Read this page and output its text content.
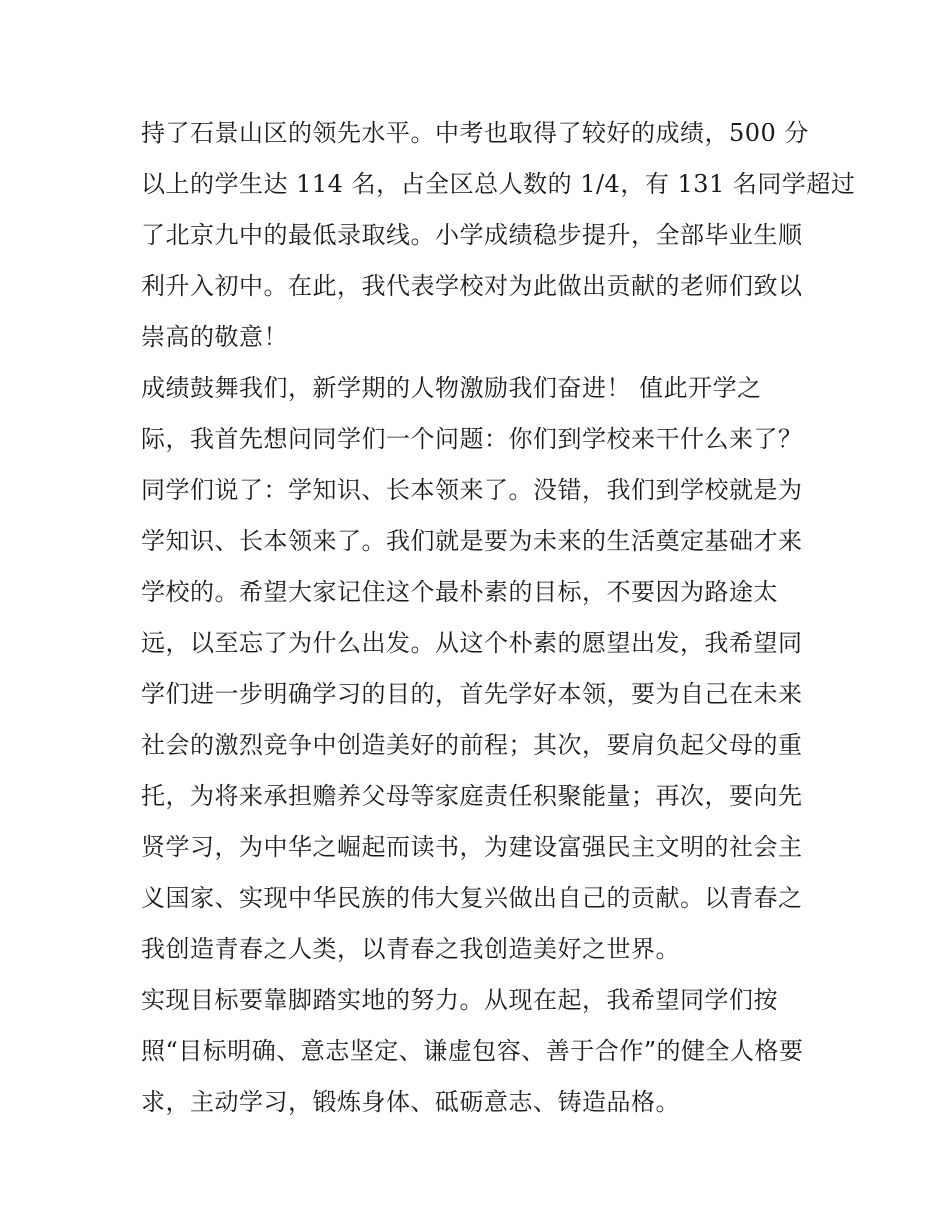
持了石景山区的领先水平。中考也取得了较好的成绩，500 分
以上的学生达 114 名，占全区总人数的 1/4，有 131 名同学超过
了北京九中的最低录取线。小学成绩稳步提升，全部毕业生顺
利升入初中。在此，我代表学校对为此做出贡献的老师们致以
崇高的敬意！
成绩鼓舞我们，新学期的人物激励我们奋进！ 值此开学之
际，我首先想问同学们一个问题：你们到学校来干什么来了？
同学们说了：学知识、长本领来了。没错，我们到学校就是为
学知识、长本领来了。我们就是要为未来的生活奠定基础才来
学校的。希望大家记住这个最朴素的目标，不要因为路途太
远，以至忘了为什么出发。从这个朴素的愿望出发，我希望同
学们进一步明确学习的目的，首先学好本领，要为自己在未来
社会的激烈竞争中创造美好的前程；其次，要肩负起父母的重
托，为将来承担赡养父母等家庭责任积聚能量；再次，要向先
贤学习，为中华之崛起而读书，为建设富强民主文明的社会主
义国家、实现中华民族的伟大复兴做出自己的贡献。以青春之
我创造青春之人类，以青春之我创造美好之世界。
实现目标要靠脚踏实地的努力。从现在起，我希望同学们按
照“目标明确、意志坚定、谦虚包容、善于合作”的健全人格要
求，主动学习，锻炼身体、砥砺意志、铸造品格。
